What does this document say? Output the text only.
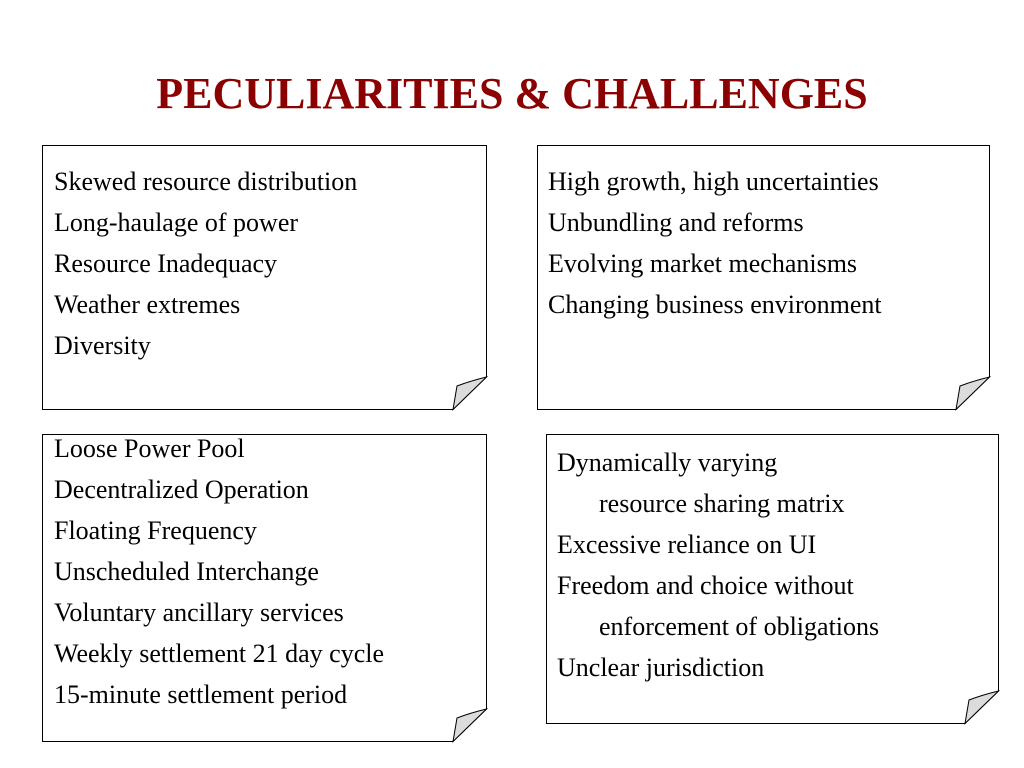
PECULIARITIES & CHALLENGES
Skewed resource distribution
Long-haulage of power
Resource Inadequacy
Weather extremes
Diversity
High growth, high uncertainties
Unbundling and reforms
Evolving market mechanisms
Changing business environment
Loose Power Pool
Decentralized Operation
Floating Frequency
Unscheduled Interchange
Voluntary ancillary services
Weekly settlement 21 day cycle
15-minute settlement period
Dynamically varying
resource sharing matrix
Excessive reliance on UI
Freedom and choice without
enforcement of obligations
Unclear jurisdiction
